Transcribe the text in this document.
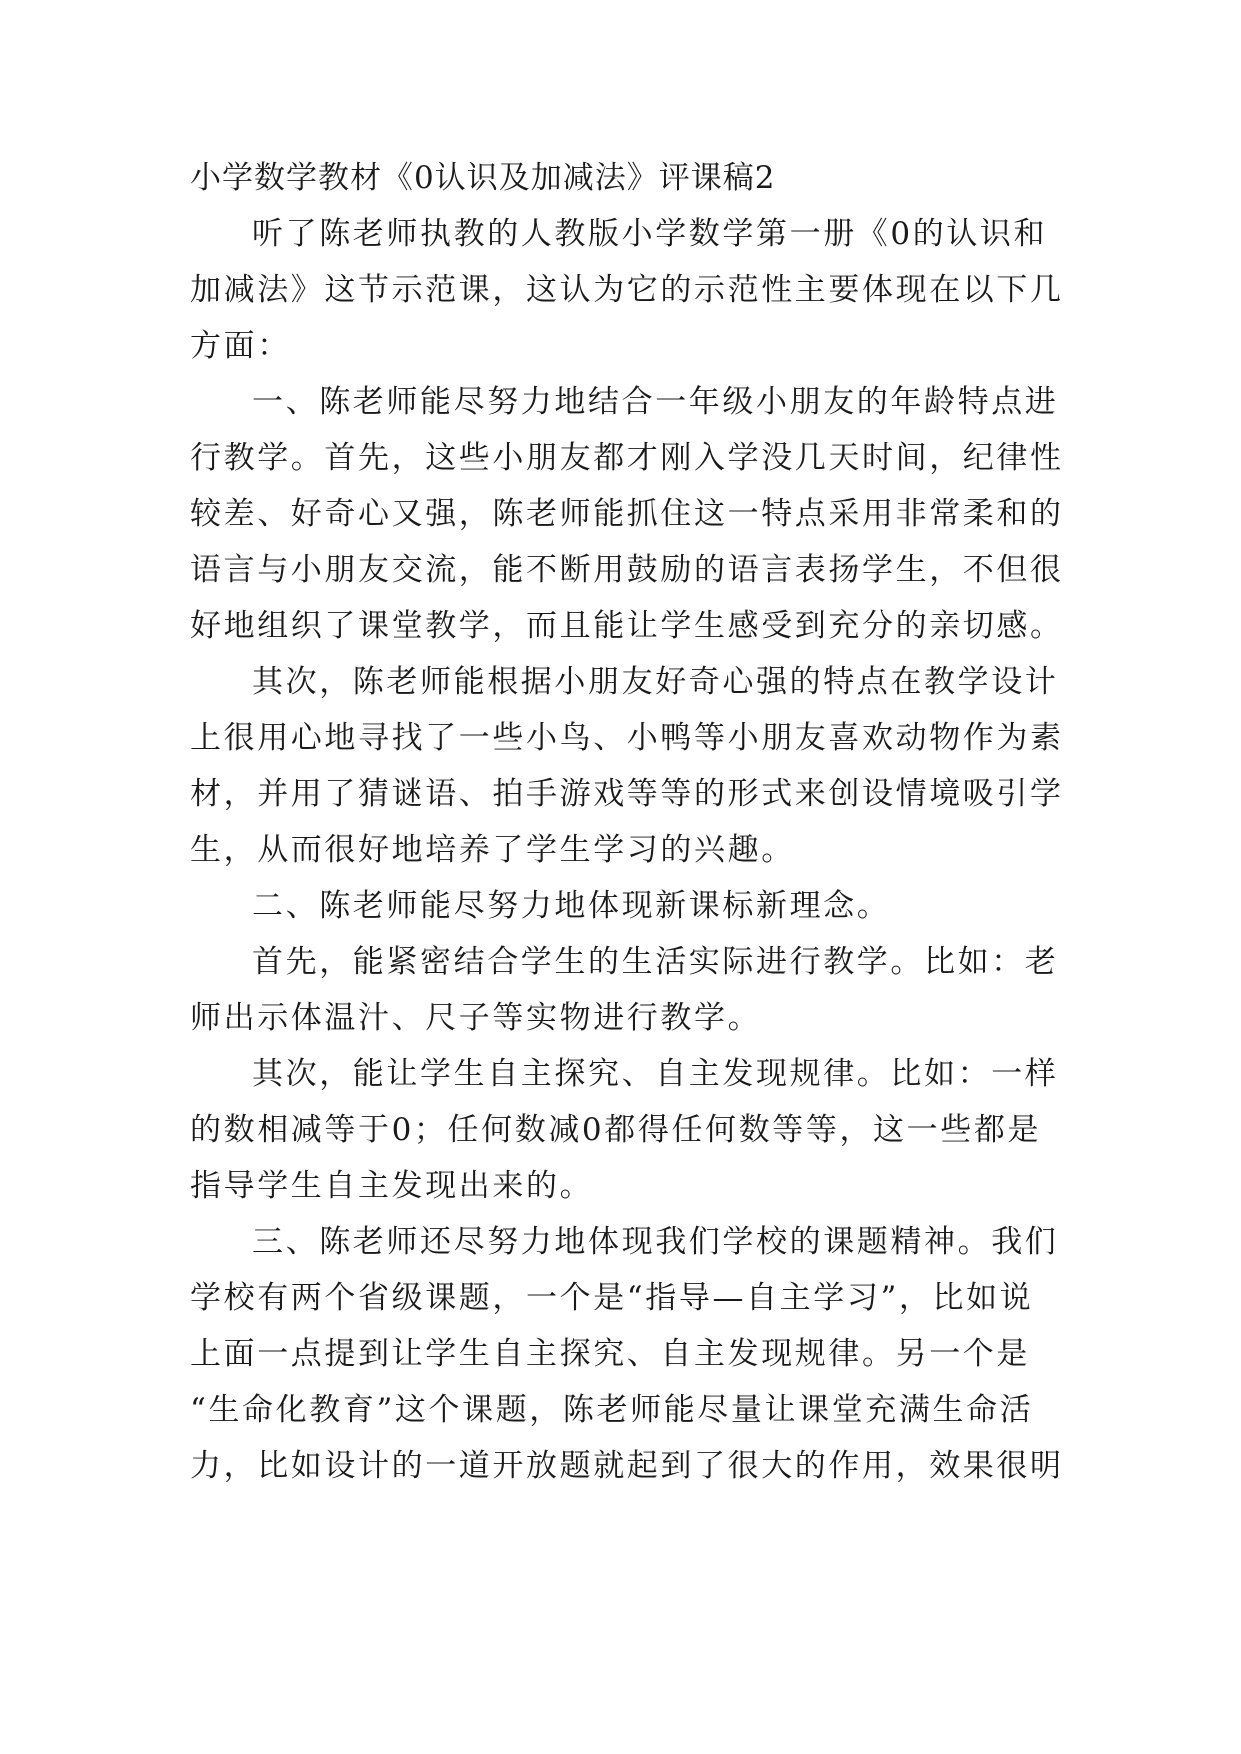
小学数学教材《0认识及加减法》评课稿2

听了陈老师执教的人教版小学数学第一册《0的认识和

加减法》这节示范课，这认为它的示范性主要体现在以下几

方面：

一、陈老师能尽努力地结合一年级小朋友的年龄特点进

行教学。首先，这些小朋友都才刚入学没几天时间，纪律性

较差、好奇心又强，陈老师能抓住这一特点采用非常柔和的

语言与小朋友交流，能不断用鼓励的语言表扬学生，不但很

好地组织了课堂教学，而且能让学生感受到充分的亲切感。

其次，陈老师能根据小朋友好奇心强的特点在教学设计

上很用心地寻找了一些小鸟、小鸭等小朋友喜欢动物作为素

材，并用了猜谜语、拍手游戏等等的形式来创设情境吸引学

生，从而很好地培养了学生学习的兴趣。

二、陈老师能尽努力地体现新课标新理念。

首先，能紧密结合学生的生活实际进行教学。比如：老

师出示体温汁、尺子等实物进行教学。

其次，能让学生自主探究、自主发现规律。比如：一样

的数相减等于0；任何数减0都得任何数等等，这一些都是

指导学生自主发现出来的。

三、陈老师还尽努力地体现我们学校的课题精神。我们

学校有两个省级课题，一个是“指导—自主学习”，比如说

上面一点提到让学生自主探究、自主发现规律。另一个是

“生命化教育”这个课题，陈老师能尽量让课堂充满生命活

力，比如设计的一道开放题就起到了很大的作用，效果很明
